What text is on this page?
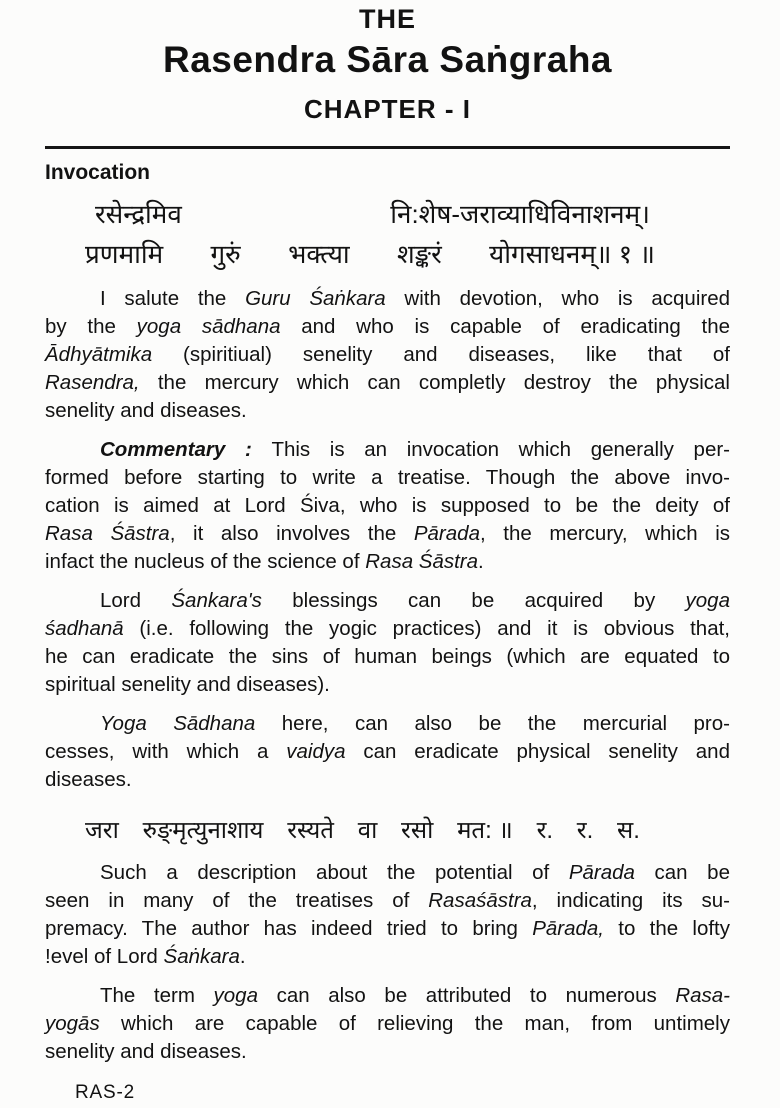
THE
Rasendra Sāra Saṅgraha
CHAPTER - I
Invocation
रसेन्द्रमिव	नि:शेष-जराव्याधिविनाशनम्।
प्रणमामि गुरुं भक्त्या शङ्करं योगसाधनम्॥ १ ॥
I salute the Guru Śaṅkara with devotion, who is acquired
by the yoga sādhana and who is capable of eradicating the
Ādhyātmika (spiritiual) senelity and diseases, like that of
Rasendra, the mercury which can completly destroy the physical
senelity and diseases.
Commentary : This is an invocation which generally per-
formed before starting to write a treatise. Though the above invo-
cation is aimed at Lord Śiva, who is supposed to be the deity of
Rasa Śāstra, it also involves the Pārada, the mercury, which is
infact the nucleus of the science of Rasa Śāstra.
Lord Śankara's blessings can be acquired by yoga
śadhanā (i.e. following the yogic practices) and it is obvious that,
he can eradicate the sins of human beings (which are equated to
spiritual senelity and diseases).
Yoga Sādhana here, can also be the mercurial pro-
cesses, with which a vaidya can eradicate physical senelity and
diseases.
जरा रुङ्मृत्युनाशाय रस्यते वा रसो मत: ॥ र. र. स.
Such a description about the potential of Pārada can be
seen in many of the treatises of Rasaśāstra, indicating its su-
premacy. The author has indeed tried to bring Pārada, to the lofty
!evel of Lord Śaṅkara.
The term yoga can also be attributed to numerous Rasa-
yogās which are capable of relieving the man, from untimely
senelity and diseases.
RAS-2
